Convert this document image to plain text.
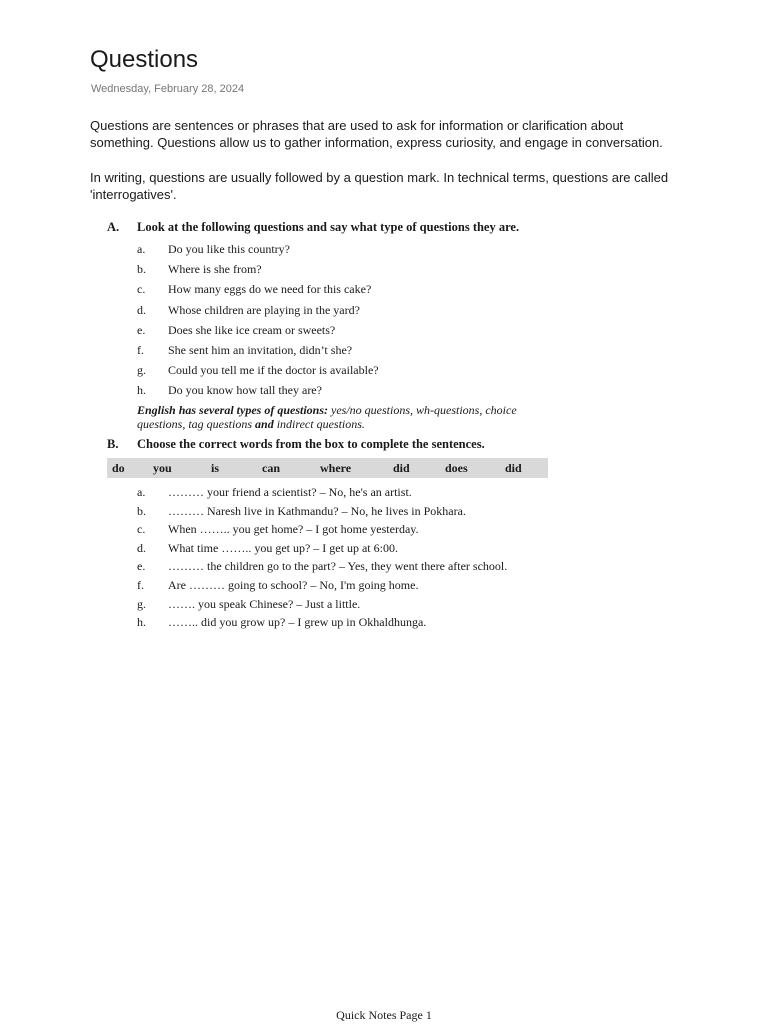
Questions
Wednesday, February 28, 2024

Questions are sentences or phrases that are used to ask for information or clarification about something. Questions allow us to gather information, express curiosity, and engage in conversation.

In writing, questions are usually followed by a question mark. In technical terms, questions are called 'interrogatives'.

A. Look at the following questions and say what type of questions they are.
a. Do you like this country?
b. Where is she from?
c. How many eggs do we need for this cake?
d. Whose children are playing in the yard?
e. Does she like ice cream or sweets?
f. She sent him an invitation, didn’t she?
g. Could you tell me if the doctor is available?
h. Do you know how tall they are?
English has several types of questions: yes/no questions, wh-questions, choice questions, tag questions and indirect questions.
B. Choose the correct words from the box to complete the sentences.
do you	is	can	where	did	does	did
a. ……… your friend a scientist? – No, he's an artist.
b. ……… Naresh live in Kathmandu? – No, he lives in Pokhara.
c. When …….. you get home? – I got home yesterday.
d. What time …….. you get up? – I get up at 6:00.
e. ……… the children go to the part? – Yes, they went there after school.
f. Are ……… going to school? – No, I'm going home.
g. ……. you speak Chinese? – Just a little.
h. …….. did you grow up? – I grew up in Okhaldhunga.
Quick Notes Page 1
